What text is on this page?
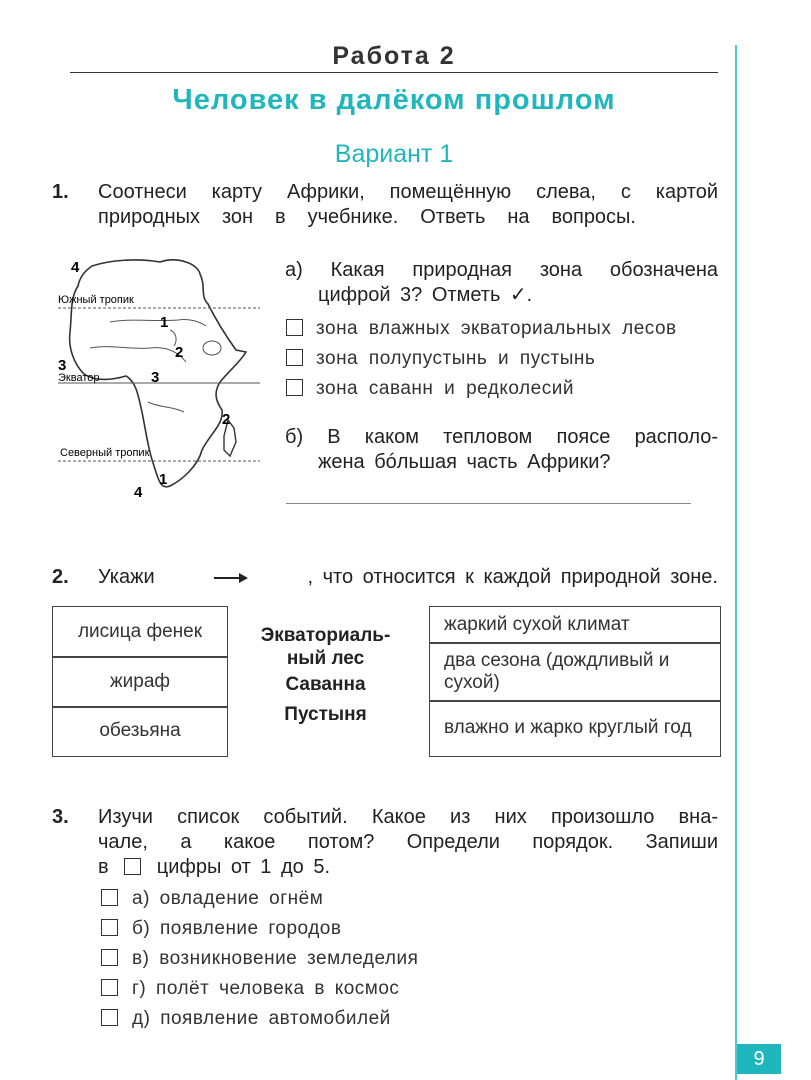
Работа 2
Человек в далёком прошлом
Вариант 1
1. Соотнеси карту Африки, помещённую слева, с картой
природных зон в учебнике. Ответь на вопросы.
Южный тропик
Экватор
Северный тропик
4
1
2
3
3
2
1
4
а) Какая природная зона обозначена
цифрой 3? Отметь ✓.
зона влажных экваториальных лесов
зона полупустынь и пустынь
зона саванн и редколесий
б) В каком тепловом поясе располо-
жена бóльшая часть Африки?
2. Укажи	, что относится к каждой природной зоне.
лисица фенек
жираф
обезьяна
Экваториаль-
ный лес
Саванна
Пустыня
жаркий сухой климат
два сезона (дождливый и сухой)
влажно и жарко круглый год
3. Изучи список событий. Какое из них произошло вна-
чале, а какое потом? Определи порядок. Запиши
в цифры от 1 до 5.
а) овладение огнём
б) появление городов
в) возникновение земледелия
г) полёт человека в космос
д) появление автомобилей
9
